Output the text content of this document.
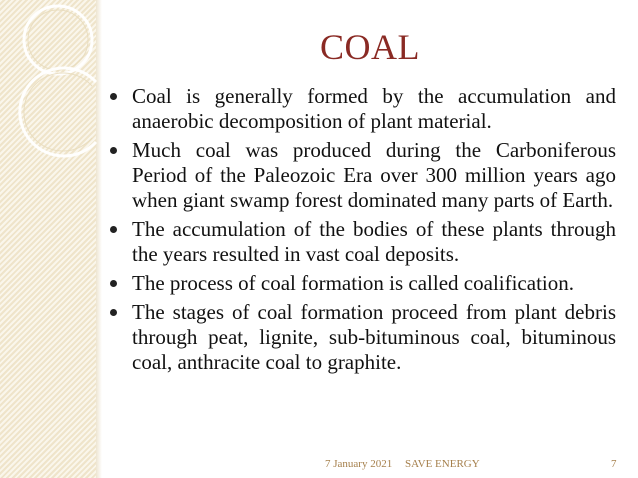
COAL
Coal is generally formed by the accumulation and anaerobic decomposition of plant material.
Much coal was produced during the Carboniferous Period of the Paleozoic Era over 300 million years ago when giant swamp forest dominated many parts of Earth.
The accumulation of the bodies of these plants through the years resulted in vast coal deposits.
The process of coal formation is called coalification.
The stages of coal formation proceed from plant debris through peat, lignite, sub-bituminous coal, bituminous coal, anthracite coal to graphite.
7 January 2021 SAVE ENERGY	7
